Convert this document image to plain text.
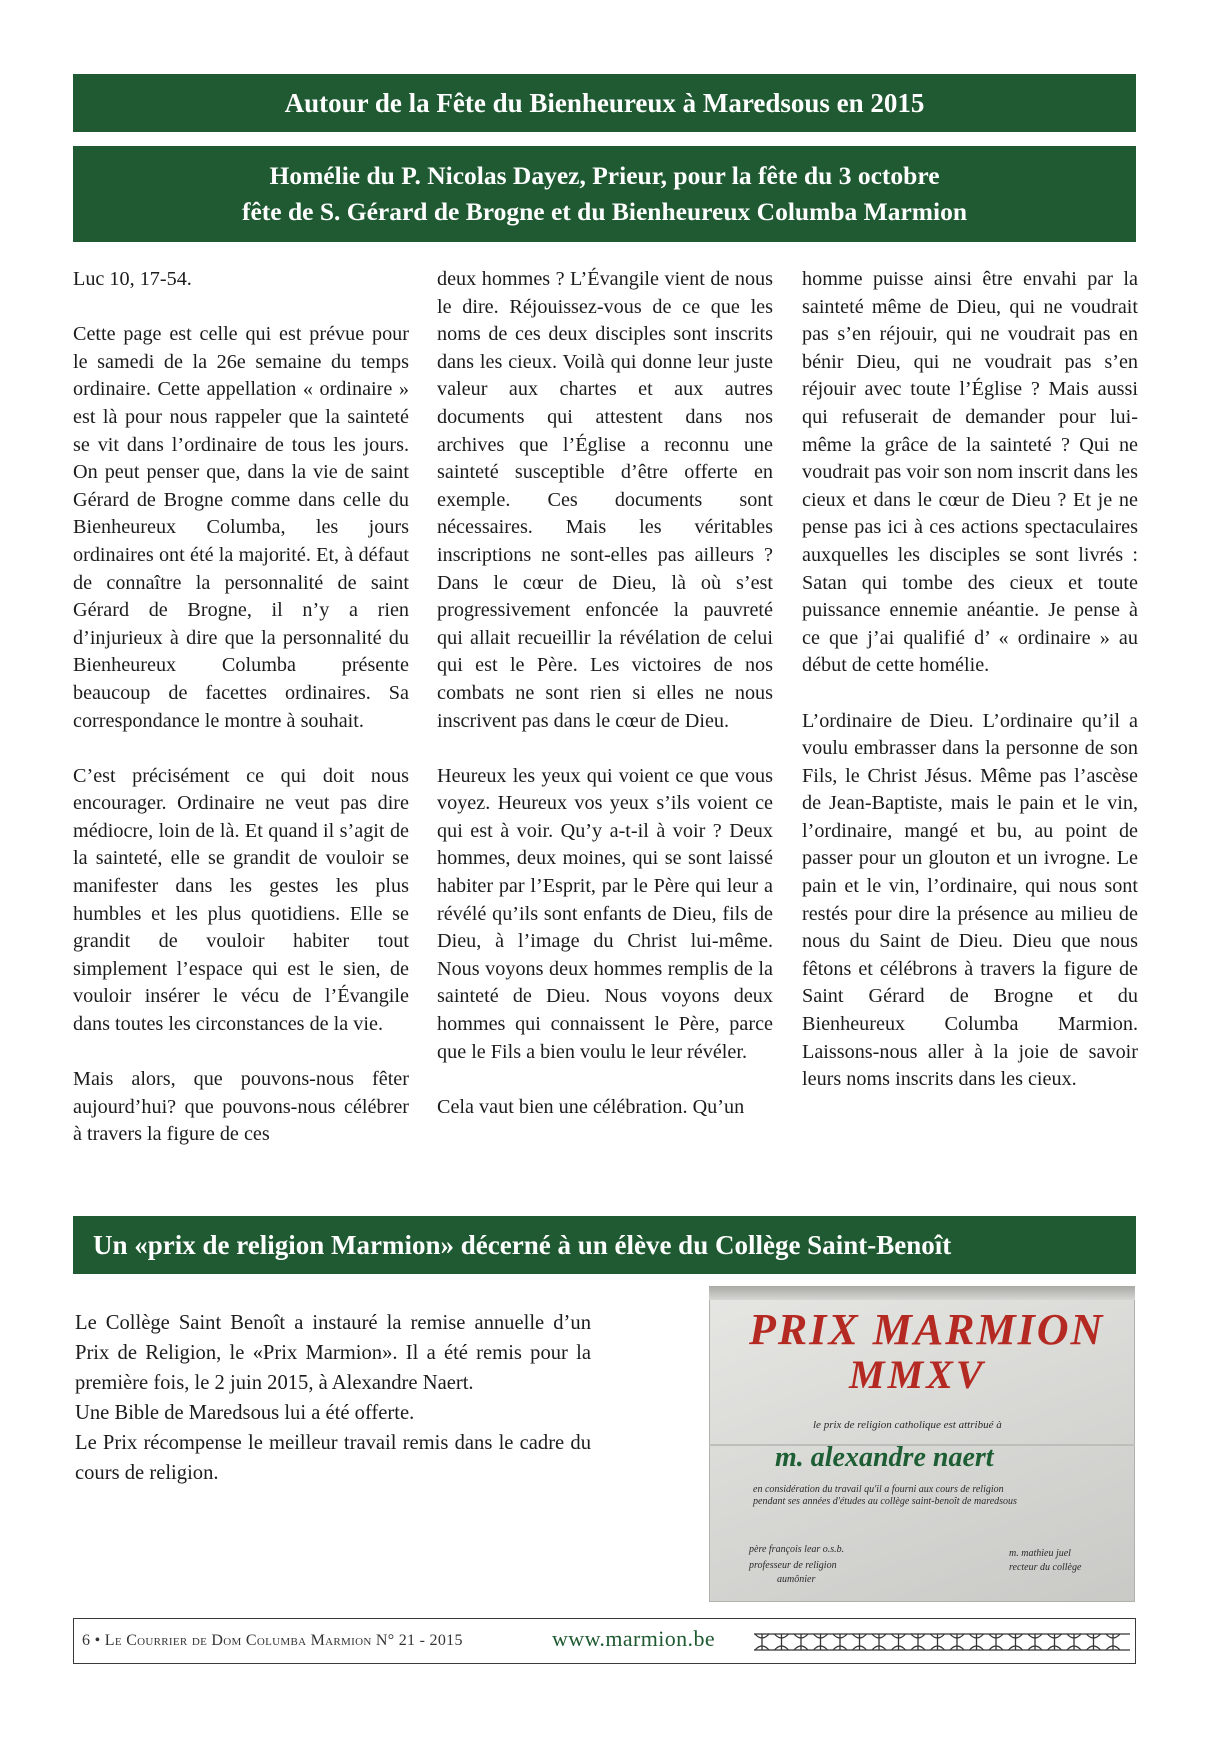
Autour de la Fête du Bienheureux à Maredsous en 2015
Homélie du P. Nicolas Dayez, Prieur, pour la fête du 3 octobre
fête de S. Gérard de Brogne et du Bienheureux Columba Marmion

Luc 10, 17-54.

Cette page est celle qui est prévue pour le samedi de la 26e semaine du temps ordinaire. Cette appellation « ordinaire » est là pour nous rappeler que la sainteté se vit dans l’ordinaire de tous les jours. On peut penser que, dans la vie de saint Gérard de Brogne comme dans celle du Bienheureux Columba, les jours ordinaires ont été la majorité. Et, à défaut de connaître la personnalité de saint Gérard de Brogne, il n’y a rien d’injurieux à dire que la personnalité du Bienheureux Columba présente beaucoup de facettes ordinaires. Sa correspondance le montre à souhait.

C’est précisément ce qui doit nous encourager. Ordinaire ne veut pas dire médiocre, loin de là. Et quand il s’agit de la sainteté, elle se grandit de vouloir se manifester dans les gestes les plus humbles et les plus quotidiens. Elle se grandit de vouloir habiter tout simplement l’espace qui est le sien, de vouloir insérer le vécu de l’Évangile dans toutes les circonstances de la vie.

Mais alors, que pouvons-nous fêter aujourd’hui? que pouvons-nous célébrer à travers la figure de ces

deux hommes ? L’Évangile vient de nous le dire. Réjouissez-vous de ce que les noms de ces deux disciples sont inscrits dans les cieux. Voilà qui donne leur juste valeur aux chartes et aux autres documents qui attestent dans nos archives que l’Église a reconnu une sainteté susceptible d’être offerte en exemple. Ces documents sont nécessaires. Mais les véritables inscriptions ne sont-elles pas ailleurs ? Dans le cœur de Dieu, là où s’est progressivement enfoncée la pauvreté qui allait recueillir la révélation de celui qui est le Père. Les victoires de nos combats ne sont rien si elles ne nous inscrivent pas dans le cœur de Dieu.

Heureux les yeux qui voient ce que vous voyez. Heureux vos yeux s’ils voient ce qui est à voir. Qu’y a-t-il à voir ? Deux hommes, deux moines, qui se sont laissé habiter par l’Esprit, par le Père qui leur a révélé qu’ils sont enfants de Dieu, fils de Dieu, à l’image du Christ lui-même. Nous voyons deux hommes remplis de la sainteté de Dieu. Nous voyons deux hommes qui connaissent le Père, parce que le Fils a bien voulu le leur révéler.

Cela vaut bien une célébration. Qu’un

homme puisse ainsi être envahi par la sainteté même de Dieu, qui ne voudrait pas s’en réjouir, qui ne voudrait pas en bénir Dieu, qui ne voudrait pas s’en réjouir avec toute l’Église ? Mais aussi qui refuserait de demander pour lui-même la grâce de la sainteté ? Qui ne voudrait pas voir son nom inscrit dans les cieux et dans le cœur de Dieu ? Et je ne pense pas ici à ces actions spectaculaires auxquelles les disciples se sont livrés : Satan qui tombe des cieux et toute puissance ennemie anéantie. Je pense à ce que j’ai qualifié d’ « ordinaire » au début de cette homélie.

L’ordinaire de Dieu. L’ordinaire qu’il a voulu embrasser dans la personne de son Fils, le Christ Jésus. Même pas l’ascèse de Jean-Baptiste, mais le pain et le vin, l’ordinaire, mangé et bu, au point de passer pour un glouton et un ivrogne. Le pain et le vin, l’ordinaire, qui nous sont restés pour dire la présence au milieu de nous du Saint de Dieu. Dieu que nous fêtons et célébrons à travers la figure de Saint Gérard de Brogne et du Bienheureux Columba Marmion. Laissons-nous aller à la joie de savoir leurs noms inscrits dans les cieux.

Un «prix de religion Marmion» décerné à un élève du Collège Saint-Benoît

Le Collège Saint Benoît a instauré la remise annuelle d’un Prix de Religion, le «Prix Marmion». Il a été remis pour la première fois, le 2 juin 2015, à Alexandre Naert.

Une Bible de Maredsous lui a été offerte.

Le Prix récompense le meilleur travail remis dans le cadre du cours de religion.

PRIX MARMION
MMXV
le prix de religion catholique est attribué à
m. alexandre naert
en considération du travail qu'il a fourni aux cours de religion
pendant ses années d'études au collège saint-benoît de maredsous
père françois lear o.s.b.
professeur de religion
aumônier
m. mathieu juel
recteur du collège
6 • Le Courrier de Dom Columba Marmion N° 21 - 2015	www.marmion.be
